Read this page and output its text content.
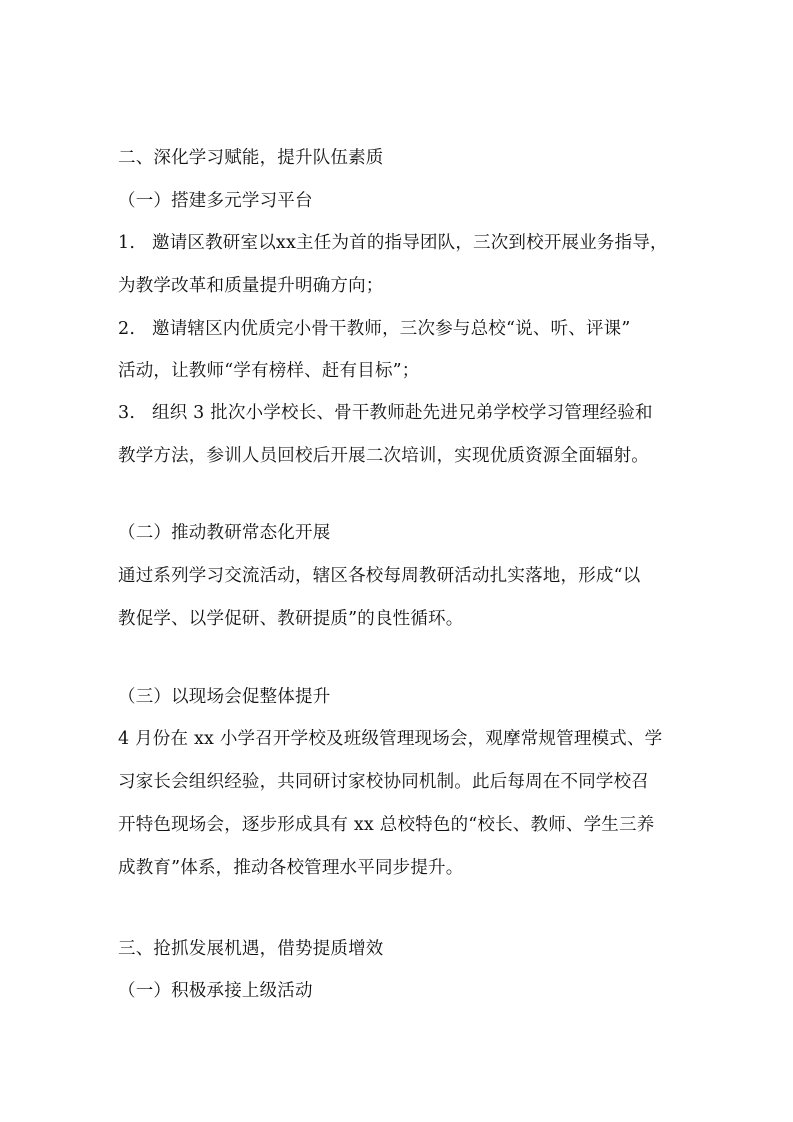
二、深化学习赋能，提升队伍素质
（一）搭建多元学习平台
1. 邀请区教研室以xx主任为首的指导团队，三次到校开展业务指导，
为教学改革和质量提升明确方向；
2. 邀请辖区内优质完小骨干教师，三次参与总校“说、听、评课”
活动，让教师“学有榜样、赶有目标”；
3. 组织 3 批次小学校长、骨干教师赴先进兄弟学校学习管理经验和
教学方法，参训人员回校后开展二次培训，实现优质资源全面辐射。
（二）推动教研常态化开展
通过系列学习交流活动，辖区各校每周教研活动扎实落地，形成“以
教促学、以学促研、教研提质”的良性循环。
（三）以现场会促整体提升
4 月份在 xx 小学召开学校及班级管理现场会，观摩常规管理模式、学
习家长会组织经验，共同研讨家校协同机制。此后每周在不同学校召
开特色现场会，逐步形成具有 xx 总校特色的“校长、教师、学生三养
成教育”体系，推动各校管理水平同步提升。
三、抢抓发展机遇，借势提质增效
（一）积极承接上级活动
